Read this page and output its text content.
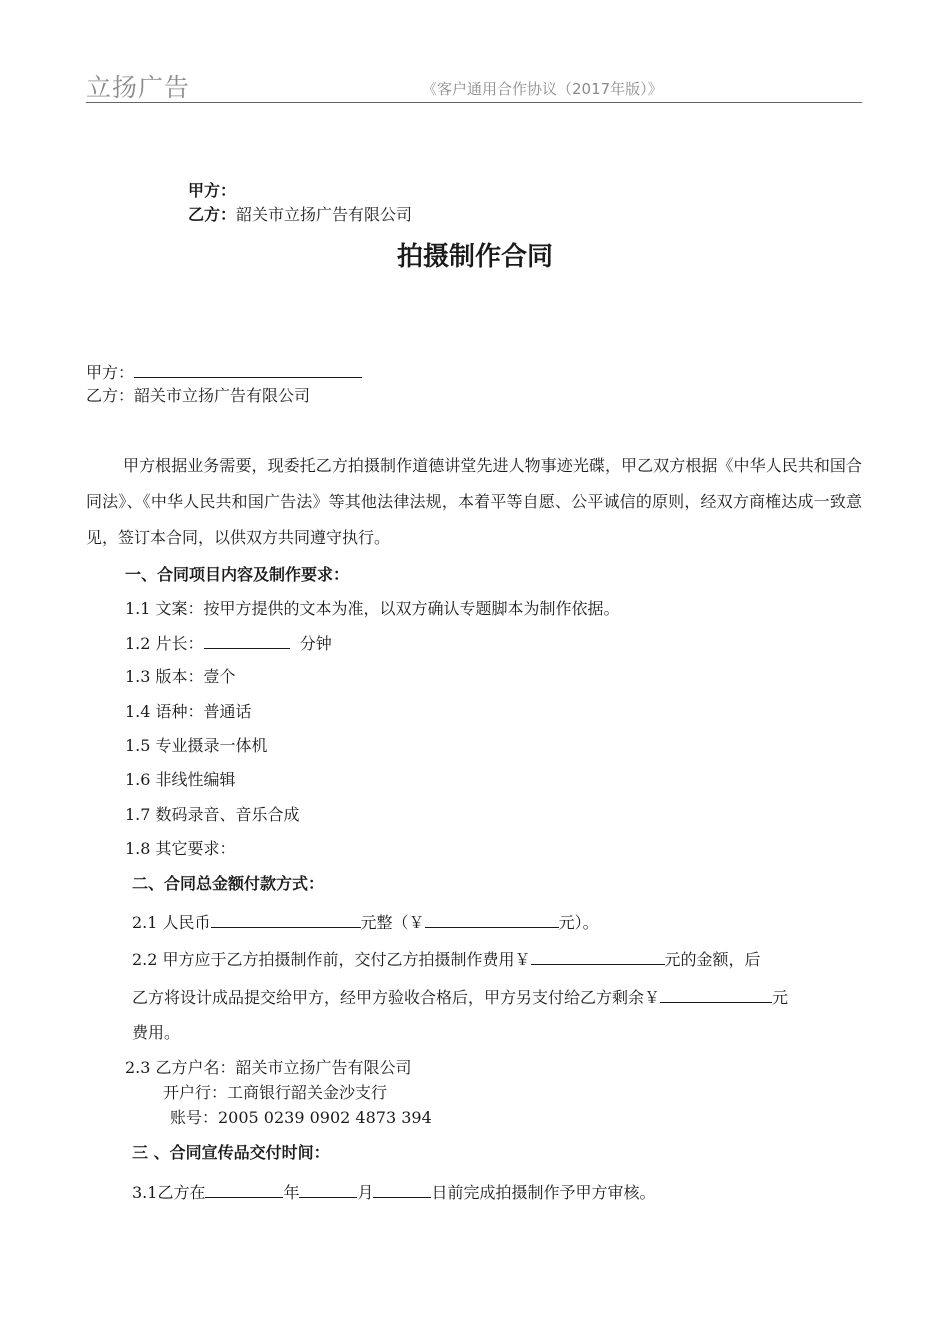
立扬广告	《客户通用合作协议（2017年版）》
甲方：
乙方：韶关市立扬广告有限公司
拍摄制作合同
甲方：
乙方：韶关市立扬广告有限公司
甲方根据业务需要，现委托乙方拍摄制作道德讲堂先进人物事迹光碟，甲乙双方根据《中华人民共和国合同法》、《中华人民共和国广告法》等其他法律法规，本着平等自愿、公平诚信的原则，经双方商榷达成一致意见，签订本合同，以供双方共同遵守执行。
一、合同项目内容及制作要求：
1.1 文案：按甲方提供的文本为准，以双方确认专题脚本为制作依据。
1.2 片长：	分钟
1.3 版本：壹个
1.4 语种：普通话
1.5 专业摄录一体机
1.6 非线性编辑
1.7 数码录音、音乐合成
1.8 其它要求：
二、合同总金额付款方式：
2.1 人民币	元整（￥	元）。
2.2 甲方应于乙方拍摄制作前，交付乙方拍摄制作费用￥	元的金额，后
乙方将设计成品提交给甲方，经甲方验收合格后，甲方另支付给乙方剩余￥	元
费用。
2.3 乙方户名：韶关市立扬广告有限公司
开户行：工商银行韶关金沙支行
账号：2005 0239 0902 4873 394
三 、合同宣传品交付时间：
3.1乙方在	年	月	日前完成拍摄制作予甲方审核。
